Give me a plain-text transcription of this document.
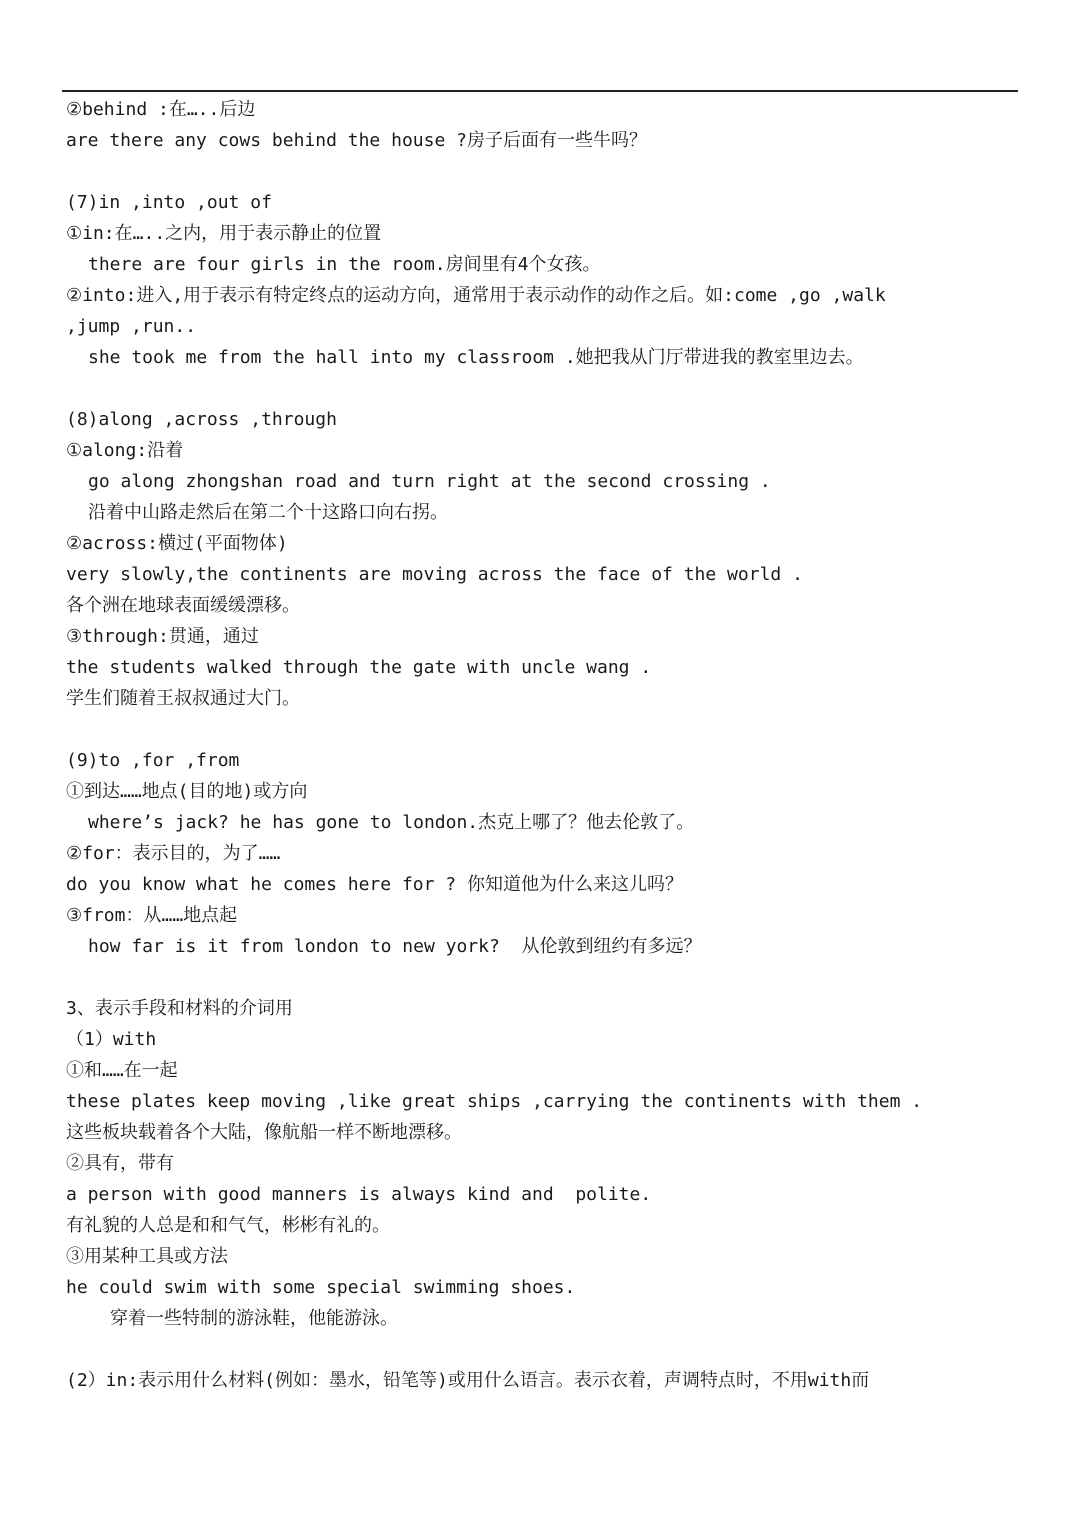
②behind :在…..后边
are there any cows behind the house ?房子后面有一些牛吗？
(7)in ,into ,out of
①in:在…..之内，用于表示静止的位置
there are four girls in the room.房间里有4个女孩。
②into:进入,用于表示有特定终点的运动方向，通常用于表示动作的动作之后。如:come ,go ,walk
,jump ,run..
she took me from the hall into my classroom .她把我从门厅带进我的教室里边去。
(8)along ,across ,through
①along:沿着
go along zhongshan road and turn right at the second crossing .
沿着中山路走然后在第二个十这路口向右拐。
②across:横过(平面物体)
very slowly,the continents are moving across the face of the world .
各个洲在地球表面缓缓漂移。
③through:贯通，通过
the students walked through the gate with uncle wang .
学生们随着王叔叔通过大门。
(9)to ,for ,from
①到达……地点(目的地)或方向
where’s jack? he has gone to london.杰克上哪了？他去伦敦了。
②for：表示目的，为了……
do you know what he comes here for ? 你知道他为什么来这儿吗？
③from：从……地点起
how far is it from london to new york?  从伦敦到纽约有多远？
3、表示手段和材料的介词用
（1）with
①和……在一起
these plates keep moving ,like great ships ,carrying the continents with them .
这些板块载着各个大陆，像航船一样不断地漂移。
②具有，带有
a person with good manners is always kind and  polite.
有礼貌的人总是和和气气，彬彬有礼的。
③用某种工具或方法
he could swim with some special swimming shoes.
穿着一些特制的游泳鞋，他能游泳。
(2）in:表示用什么材料(例如：墨水，铅笔等)或用什么语言。表示衣着，声调特点时，不用with而
